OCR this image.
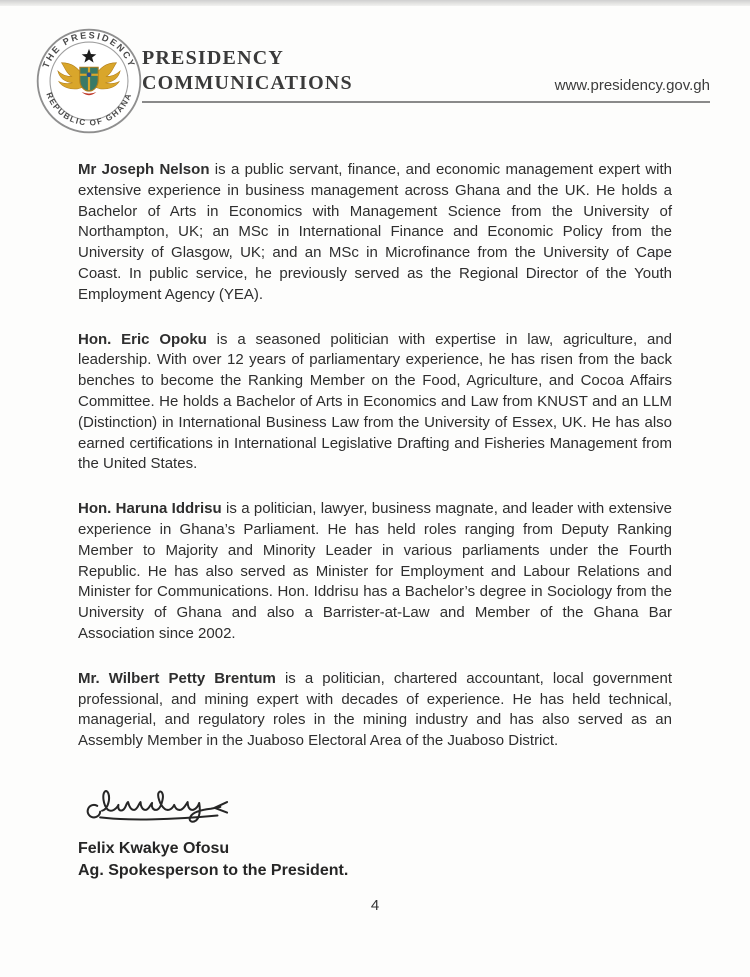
THE PRESIDENCY
REPUBLIC OF GHANA
PRESIDENCY
COMMUNICATIONS	www.presidency.gov.gh

Mr Joseph Nelson is a public servant, finance, and economic management expert with extensive experience in business management across Ghana and the UK. He holds a Bachelor of Arts in Economics with Management Science from the University of Northampton, UK; an MSc in International Finance and Economic Policy from the University of Glasgow, UK; and an MSc in Microfinance from the University of Cape Coast. In public service, he previously served as the Regional Director of the Youth Employment Agency (YEA).

Hon. Eric Opoku is a seasoned politician with expertise in law, agriculture, and leadership. With over 12 years of parliamentary experience, he has risen from the back benches to become the Ranking Member on the Food, Agriculture, and Cocoa Affairs Committee. He holds a Bachelor of Arts in Economics and Law from KNUST and an LLM (Distinction) in International Business Law from the University of Essex, UK. He has also earned certifications in International Legislative Drafting and Fisheries Management from the United States.

Hon. Haruna Iddrisu is a politician, lawyer, business magnate, and leader with extensive experience in Ghana’s Parliament. He has held roles ranging from Deputy Ranking Member to Majority and Minority Leader in various parliaments under the Fourth Republic. He has also served as Minister for Employment and Labour Relations and Minister for Communications. Hon. Iddrisu has a Bachelor’s degree in Sociology from the University of Ghana and also a Barrister-at-Law and Member of the Ghana Bar Association since 2002.

Mr. Wilbert Petty Brentum is a politician, chartered accountant, local government professional, and mining expert with decades of experience. He has held technical, managerial, and regulatory roles in the mining industry and has also served as an Assembly Member in the Juaboso Electoral Area of the Juaboso District.

Felix Kwakye Ofosu
Ag. Spokesperson to the President.
4
